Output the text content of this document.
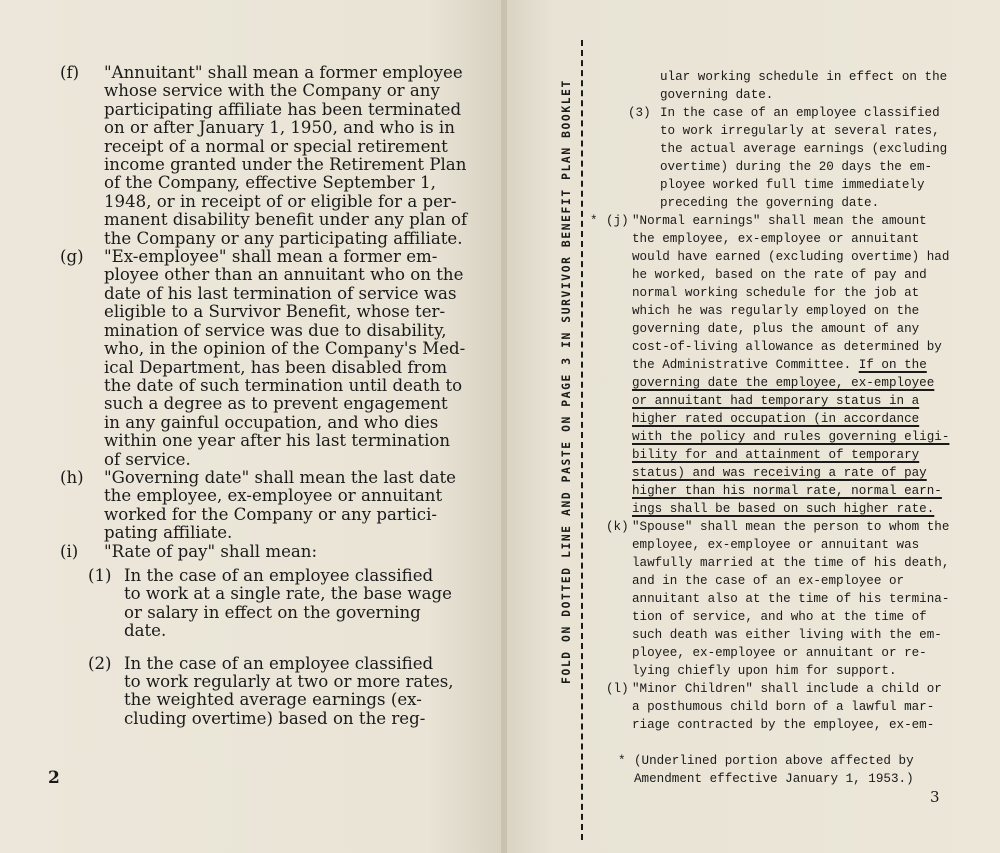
(f) "Annuitant" shall mean a former employee
whose service with the Company or any
participating affiliate has been terminated
on or after January 1, 1950, and who is in
receipt of a normal or special retirement
income granted under the Retirement Plan
of the Company, effective September 1,
1948, or in receipt of or eligible for a per-
manent disability benefit under any plan of
the Company or any participating affiliate.
(g) "Ex-employee" shall mean a former em-
ployee other than an annuitant who on the
date of his last termination of service was
eligible to a Survivor Benefit, whose ter-
mination of service was due to disability,
who, in the opinion of the Company's Med-
ical Department, has been disabled from
the date of such termination until death to
such a degree as to prevent engagement
in any gainful occupation, and who dies
within one year after his last termination
of service.
(h) "Governing date" shall mean the last date
the employee, ex-employee or annuitant
worked for the Company or any partici-
pating affiliate.
(i) "Rate of pay" shall mean:
(1) In the case of an employee classified
to work at a single rate, the base wage
or salary in effect on the governing
date.
(2) In the case of an employee classified
to work regularly at two or more rates,
the weighted average earnings (ex-
cluding overtime) based on the reg-
2
FOLD ON DOTTED LINE AND PASTE ON PAGE 3 IN SURVIVOR BENEFIT PLAN BOOKLET
ular working schedule in effect on the
governing date.
(3) In the case of an employee classified
to work irregularly at several rates,
the actual average earnings (excluding
overtime) during the 20 days the em-
ployee worked full time immediately
preceding the governing date.
* (j) "Normal earnings" shall mean the amount
the employee, ex-employee or annuitant
would have earned (excluding overtime) had
he worked, based on the rate of pay and
normal working schedule for the job at
which he was regularly employed on the
governing date, plus the amount of any
cost-of-living allowance as determined by
the Administrative Committee. If on the
governing date the employee, ex-employee
or annuitant had temporary status in a
higher rated occupation (in accordance
with the policy and rules governing eligi-
bility for and attainment of temporary
status) and was receiving a rate of pay
higher than his normal rate, normal earn-
ings shall be based on such higher rate.
(k) "Spouse" shall mean the person to whom the
employee, ex-employee or annuitant was
lawfully married at the time of his death,
and in the case of an ex-employee or
annuitant also at the time of his termina-
tion of service, and who at the time of
such death was either living with the em-
ployee, ex-employee or annuitant or re-
lying chiefly upon him for support.
(l) "Minor Children" shall include a child or
a posthumous child born of a lawful mar-
riage contracted by the employee, ex-em-
* (Underlined portion above affected by
Amendment effective January 1, 1953.)
3
